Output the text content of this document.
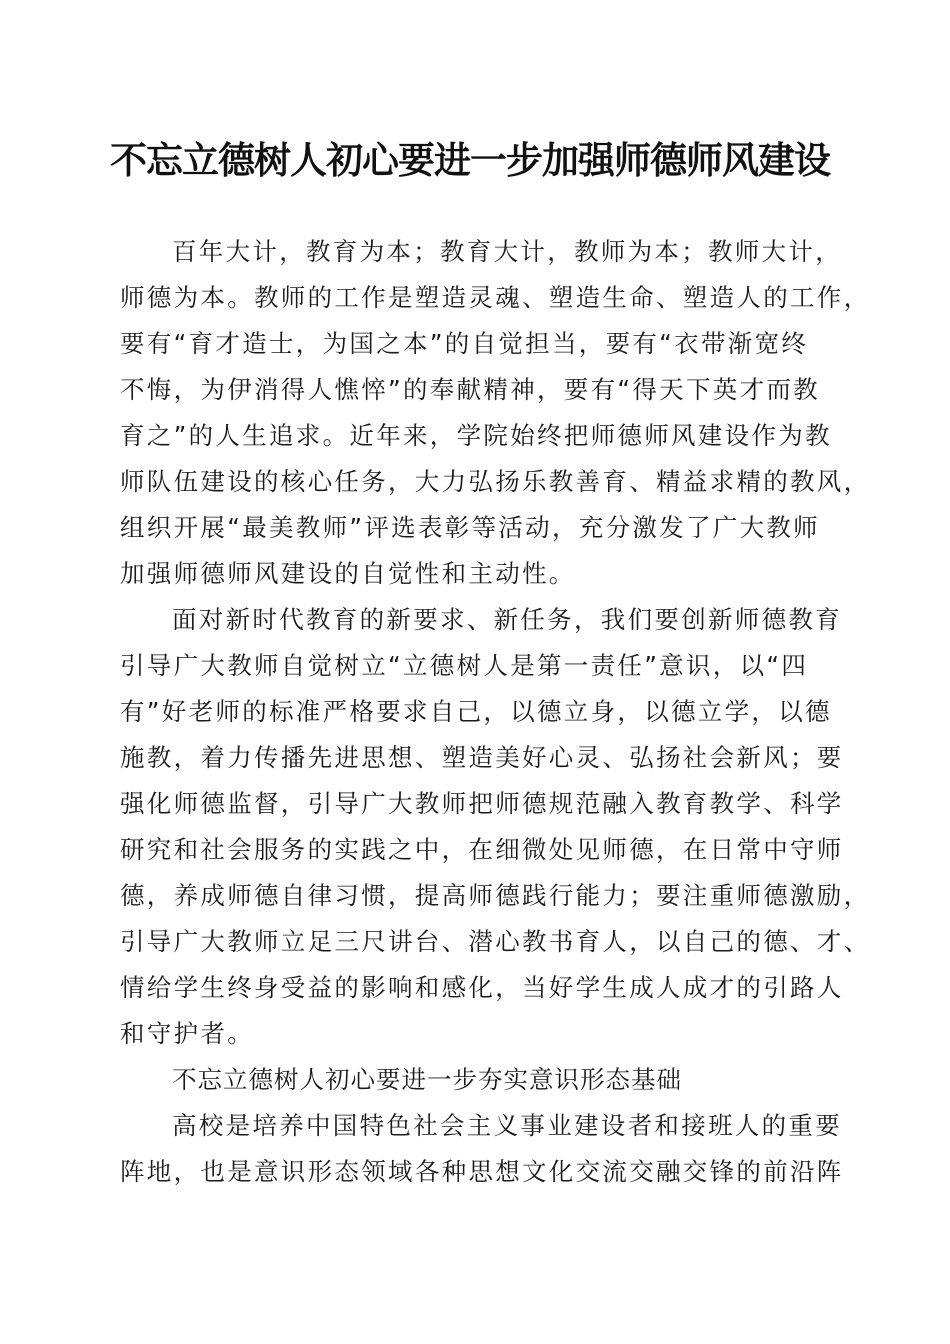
不忘立德树人初心要进一步加强师德师风建设
百年大计，教育为本；教育大计，教师为本；教师大计，
师德为本。教师的工作是塑造灵魂、塑造生命、塑造人的工作，
要有“育才造士，为国之本”的自觉担当，要有“衣带渐宽终
不悔，为伊消得人憔悴”的奉献精神，要有“得天下英才而教
育之”的人生追求。近年来，学院始终把师德师风建设作为教
师队伍建设的核心任务，大力弘扬乐教善育、精益求精的教风，
组织开展“最美教师”评选表彰等活动，充分激发了广大教师
加强师德师风建设的自觉性和主动性。
面对新时代教育的新要求、新任务，我们要创新师德教育
引导广大教师自觉树立“立德树人是第一责任”意识，以“四
有”好老师的标准严格要求自己，以德立身，以德立学，以德
施教，着力传播先进思想、塑造美好心灵、弘扬社会新风；要
强化师德监督，引导广大教师把师德规范融入教育教学、科学
研究和社会服务的实践之中，在细微处见师德，在日常中守师
德，养成师德自律习惯，提高师德践行能力；要注重师德激励，
引导广大教师立足三尺讲台、潜心教书育人，以自己的德、才、
情给学生终身受益的影响和感化，当好学生成人成才的引路人
和守护者。
不忘立德树人初心要进一步夯实意识形态基础
高校是培养中国特色社会主义事业建设者和接班人的重要
阵地，也是意识形态领域各种思想文化交流交融交锋的前沿阵
